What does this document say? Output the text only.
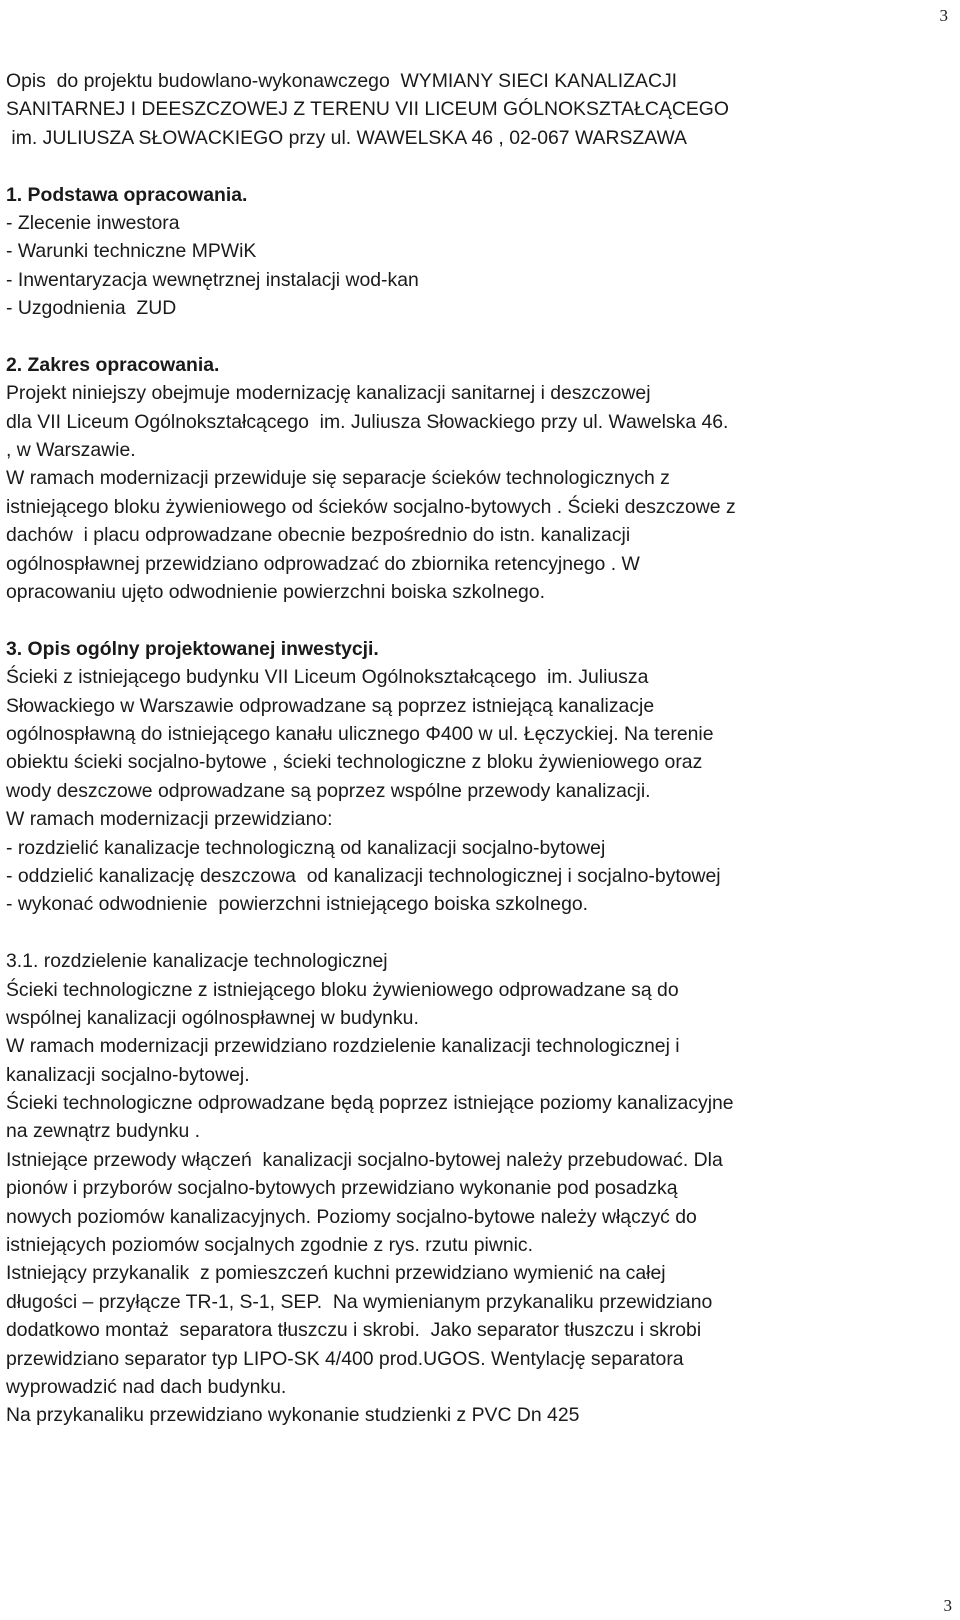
3
Opis  do projektu budowlano-wykonawczego  WYMIANY SIECI KANALIZACJI
SANITARNEJ I DEESZCZOWEJ Z TERENU VII LICEUM GÓLNOKSZTAŁCĄCEGO
im. JULIUSZA SŁOWACKIEGO przy ul. WAWELSKA 46 , 02-067 WARSZAWA
1. Podstawa opracowania.
- Zlecenie inwestora
- Warunki techniczne MPWiK
- Inwentaryzacja wewnętrznej instalacji wod-kan
- Uzgodnienia  ZUD
2. Zakres opracowania.
Projekt niniejszy obejmuje modernizację kanalizacji sanitarnej i deszczowej
dla VII Liceum Ogólnokształcącego  im. Juliusza Słowackiego przy ul. Wawelska 46.
, w Warszawie.
W ramach modernizacji przewiduje się separacje ścieków technologicznych z
istniejącego bloku żywieniowego od ścieków socjalno-bytowych . Ścieki deszczowe z
dachów  i placu odprowadzane obecnie bezpośrednio do istn. kanalizacji
ogólnospławnej przewidziano odprowadzać do zbiornika retencyjnego . W
opracowaniu ujęto odwodnienie powierzchni boiska szkolnego.
3. Opis ogólny projektowanej inwestycji.
Ścieki z istniejącego budynku VII Liceum Ogólnokształcącego  im. Juliusza
Słowackiego w Warszawie odprowadzane są poprzez istniejącą kanalizacje
ogólnospławną do istniejącego kanału ulicznego Φ400 w ul. Łęczyckiej. Na terenie
obiektu ścieki socjalno-bytowe , ścieki technologiczne z bloku żywieniowego oraz
wody deszczowe odprowadzane są poprzez wspólne przewody kanalizacji.
W ramach modernizacji przewidziano:
- rozdzielić kanalizacje technologiczną od kanalizacji socjalno-bytowej
- oddzielić kanalizację deszczowa  od kanalizacji technologicznej i socjalno-bytowej
- wykonać odwodnienie  powierzchni istniejącego boiska szkolnego.
3.1. rozdzielenie kanalizacje technologicznej
Ścieki technologiczne z istniejącego bloku żywieniowego odprowadzane są do
wspólnej kanalizacji ogólnospławnej w budynku.
W ramach modernizacji przewidziano rozdzielenie kanalizacji technologicznej i
kanalizacji socjalno-bytowej.
Ścieki technologiczne odprowadzane będą poprzez istniejące poziomy kanalizacyjne
na zewnątrz budynku .
Istniejące przewody włączeń  kanalizacji socjalno-bytowej należy przebudować. Dla
pionów i przyborów socjalno-bytowych przewidziano wykonanie pod posadzką
nowych poziomów kanalizacyjnych. Poziomy socjalno-bytowe należy włączyć do
istniejących poziomów socjalnych zgodnie z rys. rzutu piwnic.
Istniejący przykanalik  z pomieszczeń kuchni przewidziano wymienić na całej
długości – przyłącze TR-1, S-1, SEP.  Na wymienianym przykanaliku przewidziano
dodatkowo montaż  separatora tłuszczu i skrobi.  Jako separator tłuszczu i skrobi
przewidziano separator typ LIPO-SK 4/400 prod.UGOS. Wentylację separatora
wyprowadzić nad dach budynku.
Na przykanaliku przewidziano wykonanie studzienki z PVC Dn 425
3
